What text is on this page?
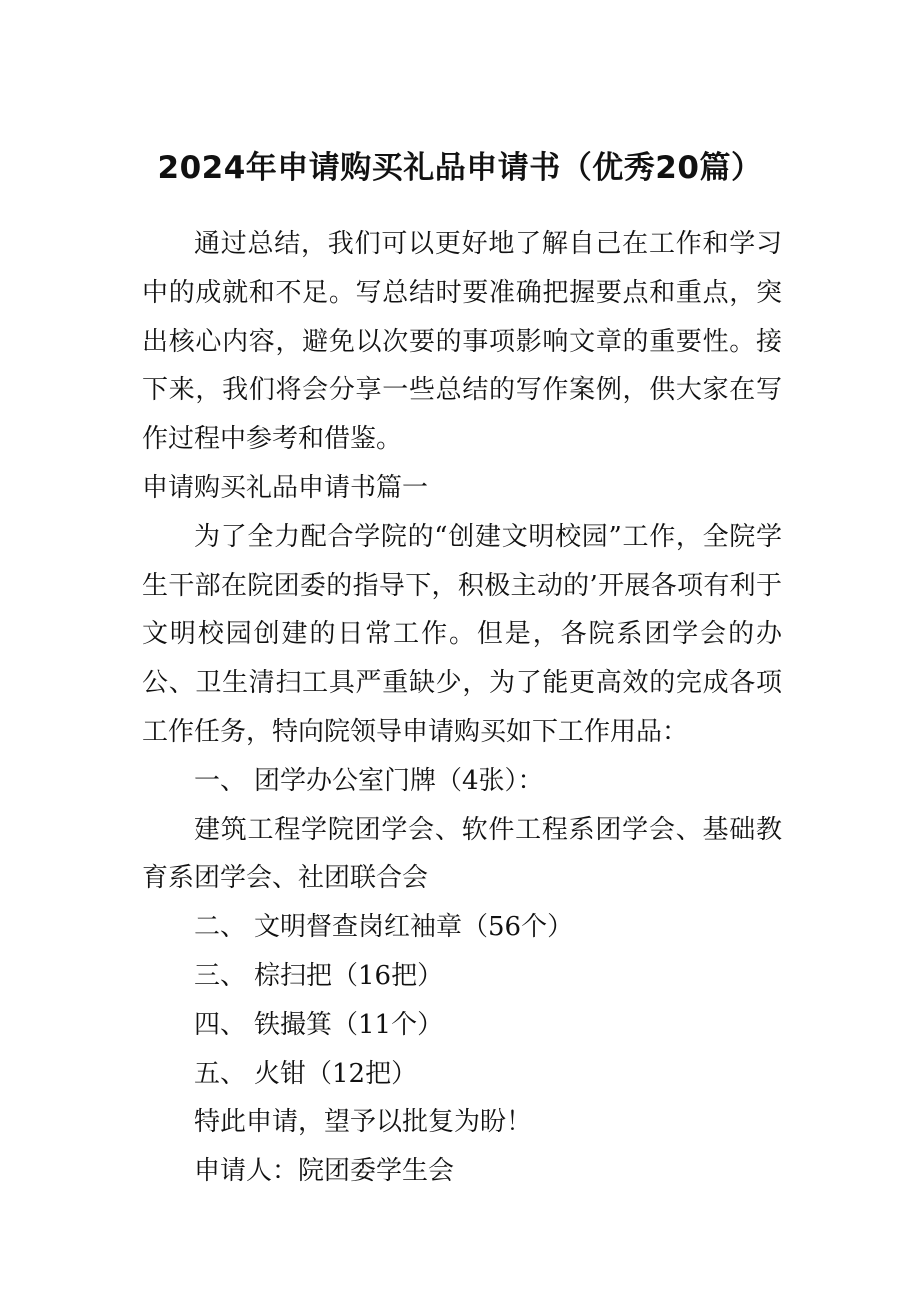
2024年申请购买礼品申请书（优秀20篇）

通过总结，我们可以更好地了解自己在工作和学习中的成就和不足。写总结时要准确把握要点和重点，突出核心内容，避免以次要的事项影响文章的重要性。接下来，我们将会分享一些总结的写作案例，供大家在写作过程中参考和借鉴。

申请购买礼品申请书篇一

为了全力配合学院的“创建文明校园”工作，全院学生干部在院团委的指导下，积极主动的’开展各项有利于文明校园创建的日常工作。但是，各院系团学会的办公、卫生清扫工具严重缺少，为了能更高效的完成各项工作任务，特向院领导申请购买如下工作用品：

一、 团学办公室门牌（4张）：

建筑工程学院团学会、软件工程系团学会、基础教育系团学会、社团联合会

二、 文明督查岗红袖章（56个）
三、 棕扫把（16把）
四、 铁撮箕（11个）
五、 火钳（12把）

特此申请，望予以批复为盼！

申请人：院团委学生会
